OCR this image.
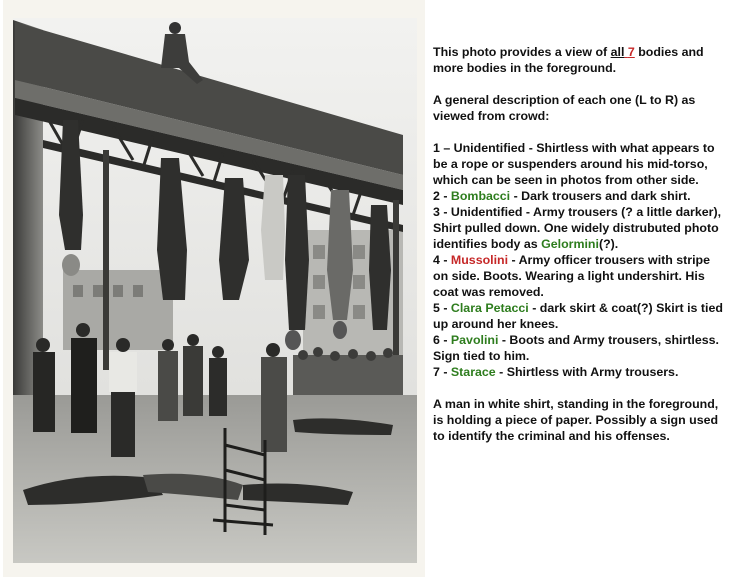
This photo provides a view of all 7 bodies and more bodies in the foreground.

A general description of each one (L to R) as viewed from crowd:

1 – Unidentified - Shirtless with what appears to be a rope or suspenders around his mid-torso, which can be seen in photos from other side.

2 - Bombacci - Dark trousers and dark shirt.

3 - Unidentified - Army trousers (? a little darker), Shirt pulled down. One widely distrubuted photo identifies body as Gelormini(?).

4 - Mussolini - Army officer trousers with stripe on side. Boots. Wearing a light undershirt. His coat was removed.

5 - Clara Petacci - dark skirt & coat(?) Skirt is tied up around her knees.

6 - Pavolini - Boots and Army trousers, shirtless. Sign tied to him.

7 - Starace - Shirtless with Army trousers.

A man in white shirt, standing in the foreground, is holding a piece of paper. Possibly a sign used to identify the criminal and his offenses.
